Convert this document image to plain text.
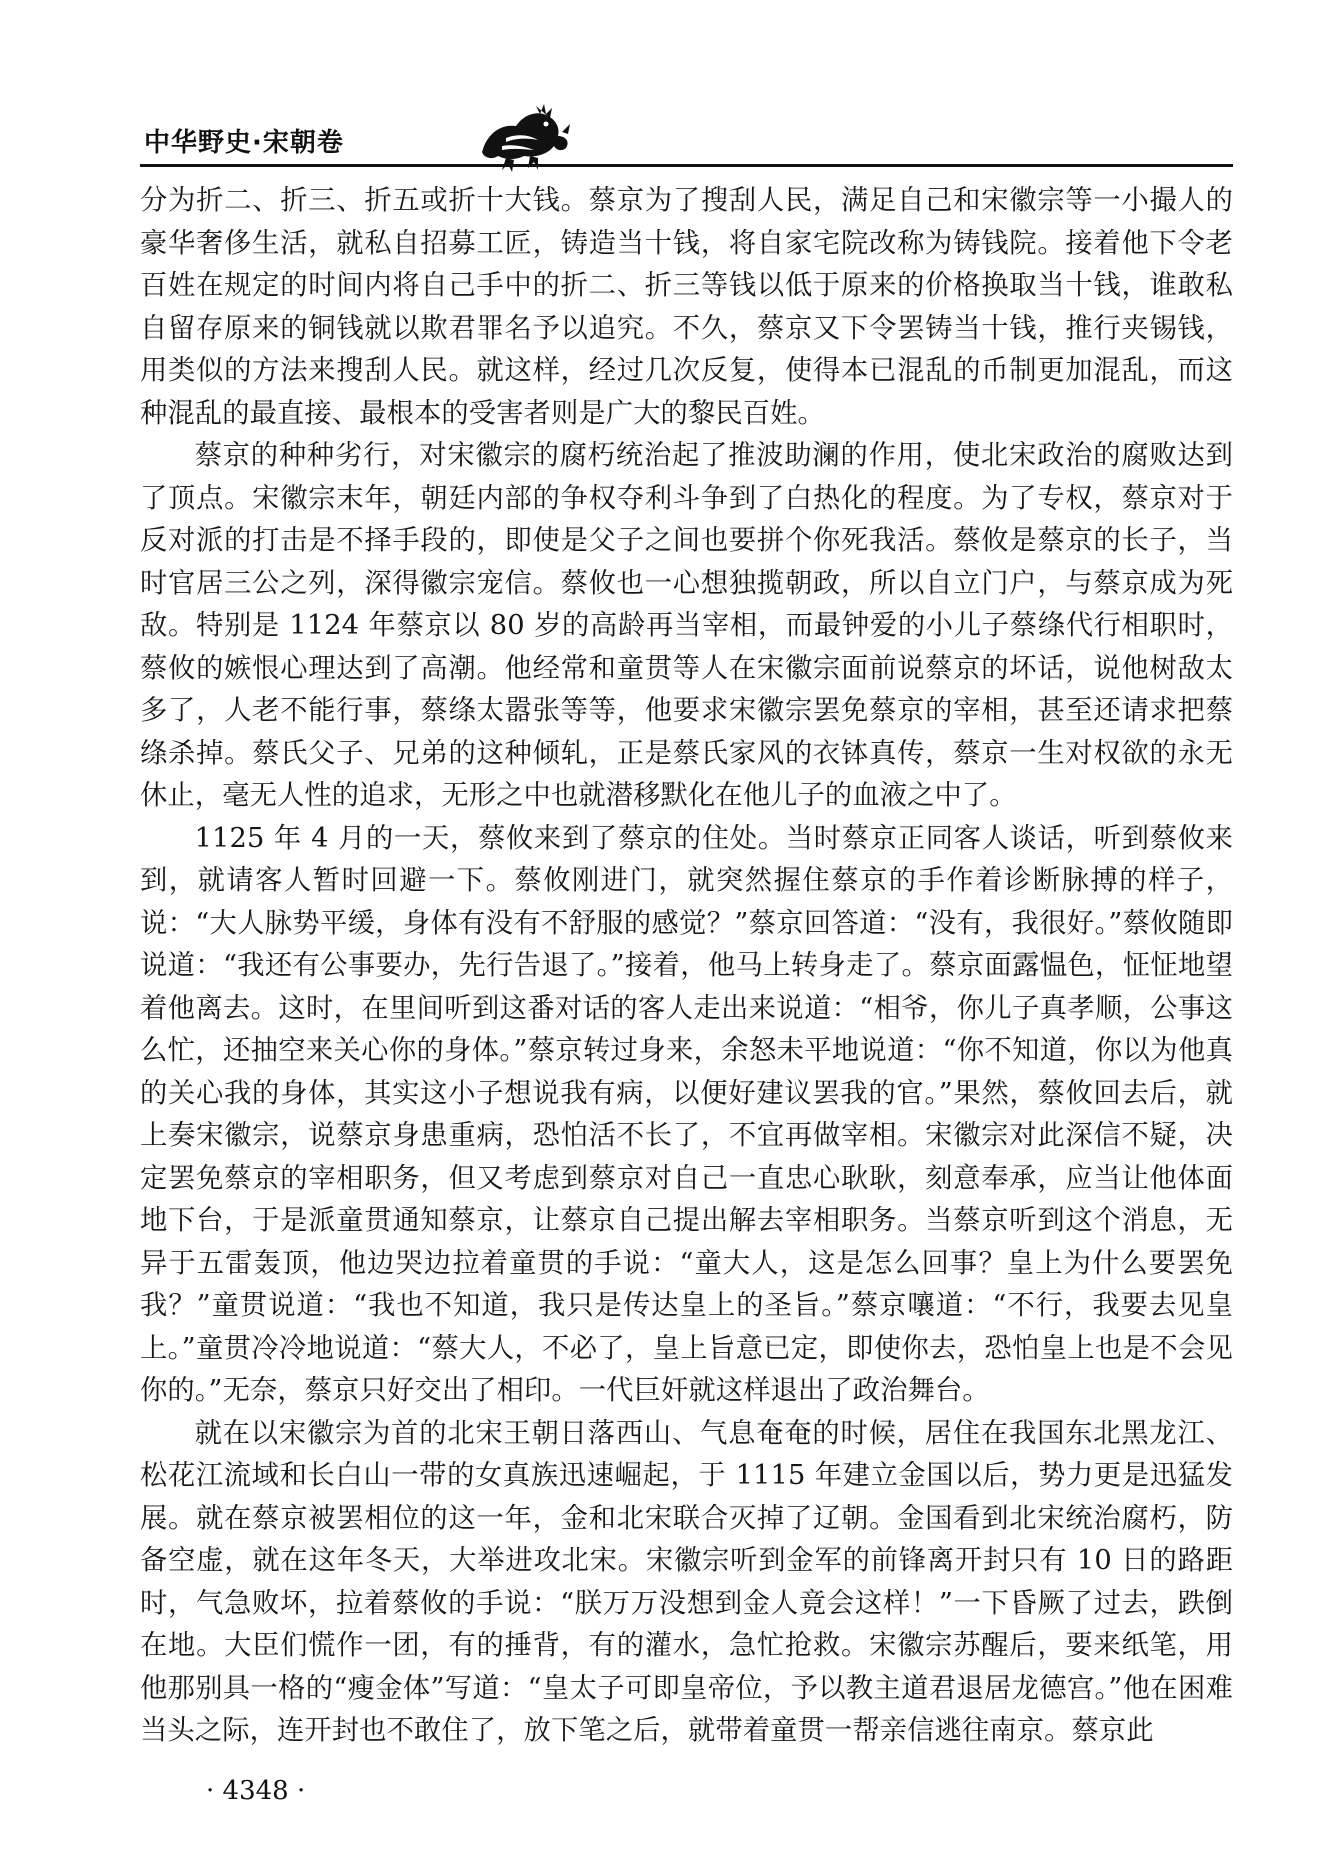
中华野史·宋朝卷

分为折二、折三、折五或折十大钱。蔡京为了搜刮人民，满足自己和宋徽宗等一小撮人的豪华奢侈生活，就私自招募工匠，铸造当十钱，将自家宅院改称为铸钱院。接着他下令老百姓在规定的时间内将自己手中的折二、折三等钱以低于原来的价格换取当十钱，谁敢私自留存原来的铜钱就以欺君罪名予以追究。不久，蔡京又下令罢铸当十钱，推行夹锡钱，用类似的方法来搜刮人民。就这样，经过几次反复，使得本已混乱的币制更加混乱，而这种混乱的最直接、最根本的受害者则是广大的黎民百姓。

蔡京的种种劣行，对宋徽宗的腐朽统治起了推波助澜的作用，使北宋政治的腐败达到了顶点。宋徽宗末年，朝廷内部的争权夺利斗争到了白热化的程度。为了专权，蔡京对于反对派的打击是不择手段的，即使是父子之间也要拼个你死我活。蔡攸是蔡京的长子，当时官居三公之列，深得徽宗宠信。蔡攸也一心想独揽朝政，所以自立门户，与蔡京成为死敌。特别是 1124 年蔡京以 80 岁的高龄再当宰相，而最钟爱的小儿子蔡绦代行相职时，蔡攸的嫉恨心理达到了高潮。他经常和童贯等人在宋徽宗面前说蔡京的坏话，说他树敌太多了，人老不能行事，蔡绦太嚣张等等，他要求宋徽宗罢免蔡京的宰相，甚至还请求把蔡绦杀掉。蔡氏父子、兄弟的这种倾轧，正是蔡氏家风的衣钵真传，蔡京一生对权欲的永无休止，毫无人性的追求，无形之中也就潜移默化在他儿子的血液之中了。

1125 年 4 月的一天，蔡攸来到了蔡京的住处。当时蔡京正同客人谈话，听到蔡攸来到，就请客人暂时回避一下。蔡攸刚进门，就突然握住蔡京的手作着诊断脉搏的样子，说：“大人脉势平缓，身体有没有不舒服的感觉？”蔡京回答道：“没有，我很好。”蔡攸随即说道：“我还有公事要办，先行告退了。”接着，他马上转身走了。蔡京面露愠色，怔怔地望着他离去。这时，在里间听到这番对话的客人走出来说道：“相爷，你儿子真孝顺，公事这么忙，还抽空来关心你的身体。”蔡京转过身来，余怒未平地说道：“你不知道，你以为他真的关心我的身体，其实这小子想说我有病，以便好建议罢我的官。”果然，蔡攸回去后，就上奏宋徽宗，说蔡京身患重病，恐怕活不长了，不宜再做宰相。宋徽宗对此深信不疑，决定罢免蔡京的宰相职务，但又考虑到蔡京对自己一直忠心耿耿，刻意奉承，应当让他体面地下台，于是派童贯通知蔡京，让蔡京自己提出解去宰相职务。当蔡京听到这个消息，无异于五雷轰顶，他边哭边拉着童贯的手说：“童大人，这是怎么回事？皇上为什么要罢免我？”童贯说道：“我也不知道，我只是传达皇上的圣旨。”蔡京嚷道：“不行，我要去见皇上。”童贯冷冷地说道：“蔡大人，不必了，皇上旨意已定，即使你去，恐怕皇上也是不会见你的。”无奈，蔡京只好交出了相印。一代巨奸就这样退出了政治舞台。

就在以宋徽宗为首的北宋王朝日落西山、气息奄奄的时候，居住在我国东北黑龙江、松花江流域和长白山一带的女真族迅速崛起，于 1115 年建立金国以后，势力更是迅猛发展。就在蔡京被罢相位的这一年，金和北宋联合灭掉了辽朝。金国看到北宋统治腐朽，防备空虚，就在这年冬天，大举进攻北宋。宋徽宗听到金军的前锋离开封只有 10 日的路距时，气急败坏，拉着蔡攸的手说：“朕万万没想到金人竟会这样！”一下昏厥了过去，跌倒在地。大臣们慌作一团，有的捶背，有的灌水，急忙抢救。宋徽宗苏醒后，要来纸笔，用他那别具一格的“瘦金体”写道：“皇太子可即皇帝位，予以教主道君退居龙德宫。”他在困难当头之际，连开封也不敢住了，放下笔之后，就带着童贯一帮亲信逃往南京。蔡京此

· 4348 ·
